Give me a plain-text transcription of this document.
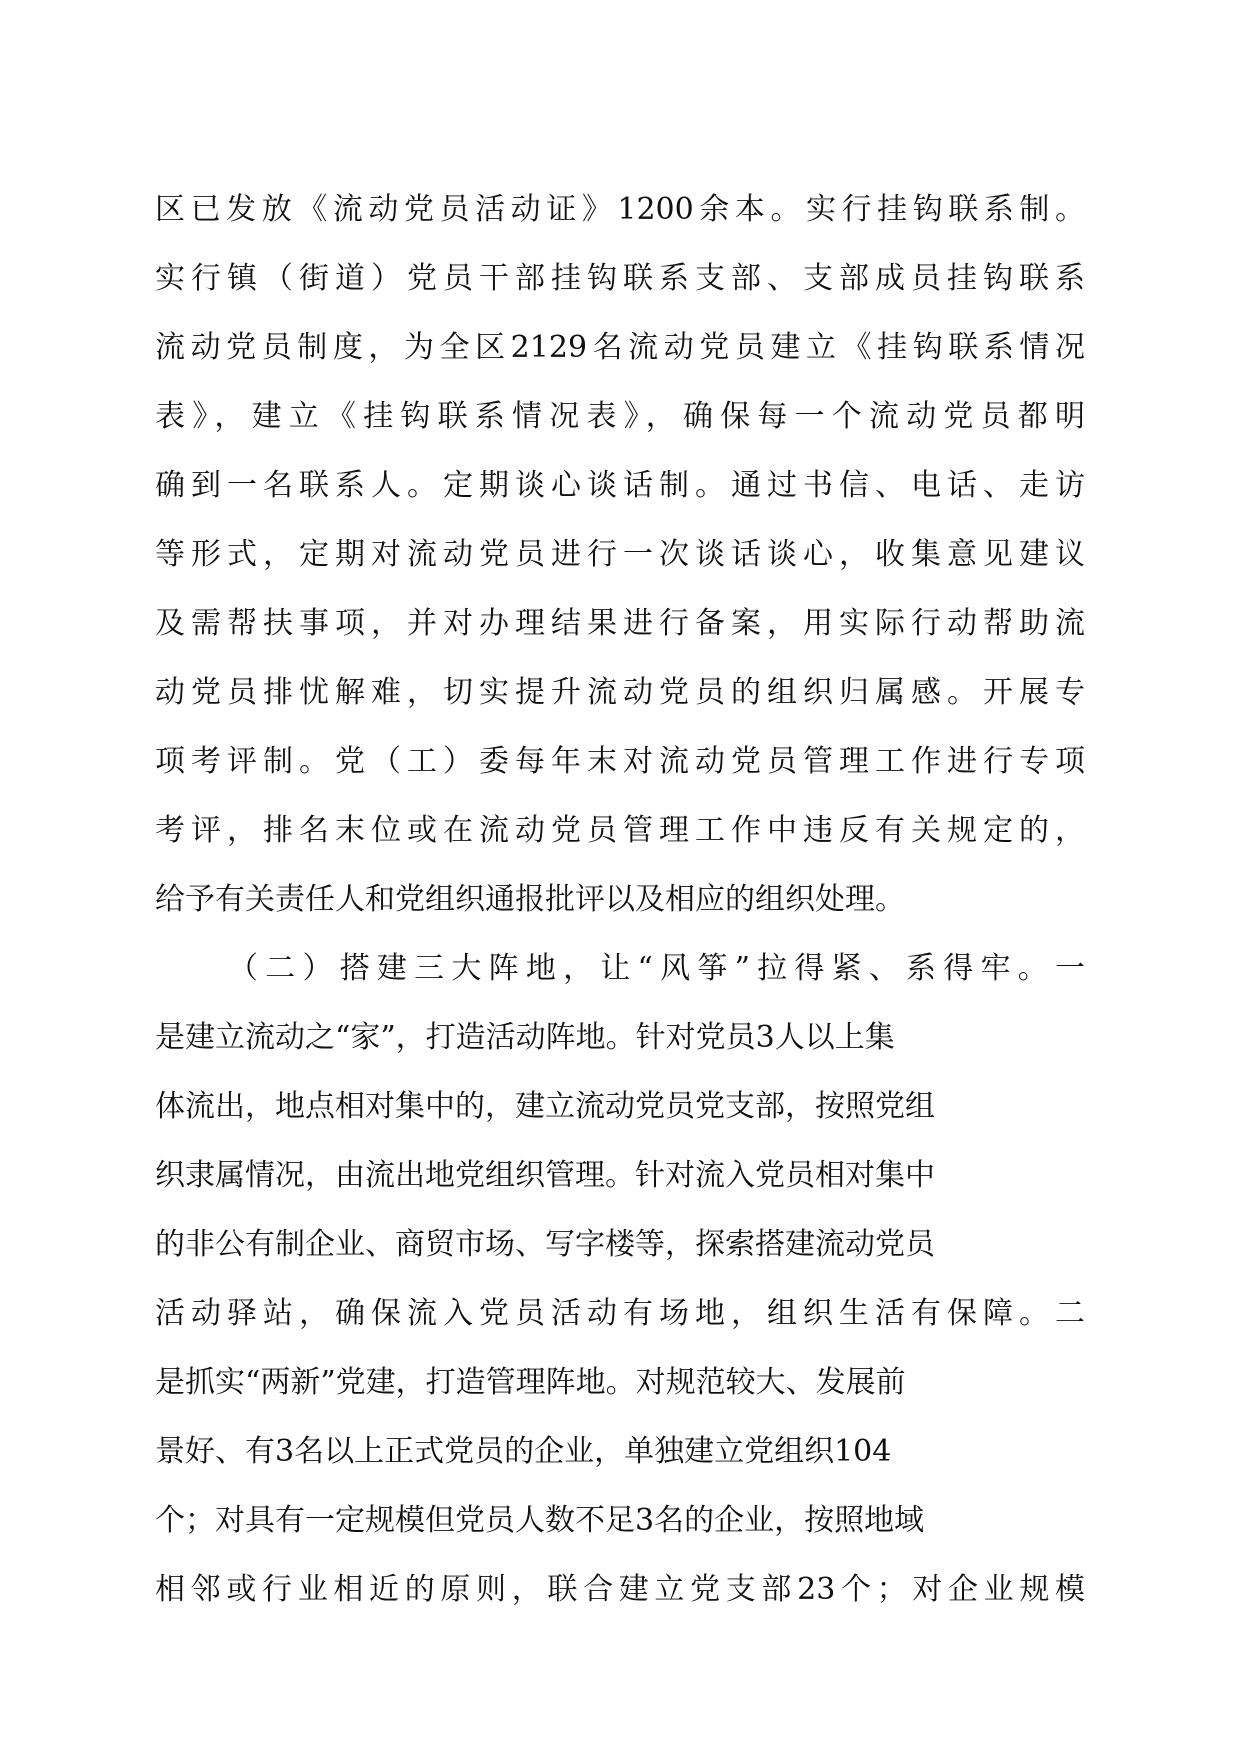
区已发放《流动党员活动证》1200余本。实行挂钩联系制。
实行镇（街道）党员干部挂钩联系支部、支部成员挂钩联系
流动党员制度，为全区2129名流动党员建立《挂钩联系情况
表》，建立《挂钩联系情况表》，确保每一个流动党员都明
确到一名联系人。定期谈心谈话制。通过书信、电话、走访
等形式，定期对流动党员进行一次谈话谈心，收集意见建议
及需帮扶事项，并对办理结果进行备案，用实际行动帮助流
动党员排忧解难，切实提升流动党员的组织归属感。开展专
项考评制。党（工）委每年末对流动党员管理工作进行专项
考评，排名末位或在流动党员管理工作中违反有关规定的，
给予有关责任人和党组织通报批评以及相应的组织处理。
（二）搭建三大阵地，让“风筝”拉得紧、系得牢。一
是建立流动之“家”，打造活动阵地。针对党员3人以上集
体流出，地点相对集中的，建立流动党员党支部，按照党组
织隶属情况，由流出地党组织管理。针对流入党员相对集中
的非公有制企业、商贸市场、写字楼等，探索搭建流动党员
活动驿站，确保流入党员活动有场地，组织生活有保障。二
是抓实“两新”党建，打造管理阵地。对规范较大、发展前
景好、有3名以上正式党员的企业，单独建立党组织104
个；对具有一定规模但党员人数不足3名的企业，按照地域
相邻或行业相近的原则，联合建立党支部23个；对企业规模
